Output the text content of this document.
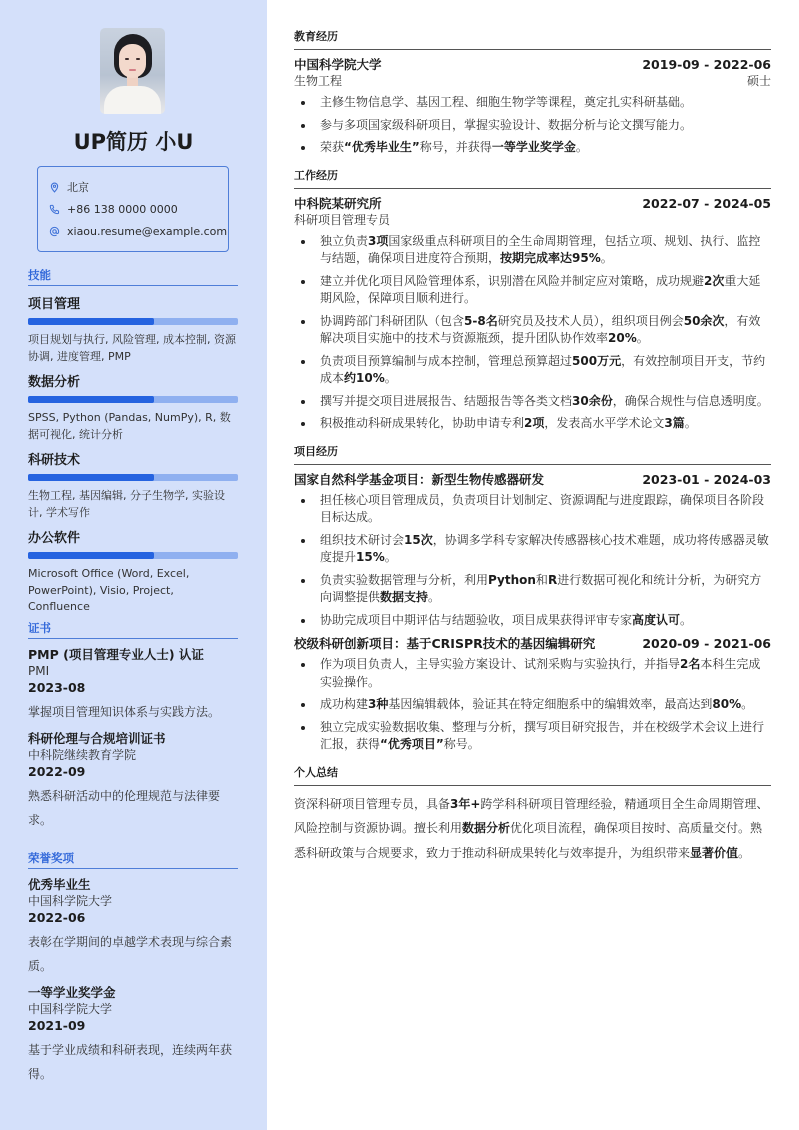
UP简历 小U
北京
+86 138 0000 0000
xiaou.resume@example.com
技能
项目管理
项目规划与执行, 风险管理, 成本控制, 资源协调, 进度管理, PMP
数据分析
SPSS, Python (Pandas, NumPy), R, 数据可视化, 统计分析
科研技术
生物工程, 基因编辑, 分子生物学, 实验设计, 学术写作
办公软件
Microsoft Office (Word, Excel, PowerPoint), Visio, Project, Confluence
证书
PMP (项目管理专业人士) 认证
PMI
2023-08
掌握项目管理知识体系与实践方法。
科研伦理与合规培训证书
中科院继续教育学院
2022-09
熟悉科研活动中的伦理规范与法律要求。
荣誉奖项
优秀毕业生
中国科学院大学
2022-06
表彰在学期间的卓越学术表现与综合素质。
一等学业奖学金
中国科学院大学
2021-09
基于学业成绩和科研表现，连续两年获得。
教育经历
中国科学院大学	2019-09 - 2022-06
生物工程	硕士
主修生物信息学、基因工程、细胞生物学等课程，奠定扎实科研基础。
参与多项国家级科研项目，掌握实验设计、数据分析与论文撰写能力。
荣获“优秀毕业生”称号，并获得一等学业奖学金。
工作经历
中科院某研究所	2022-07 - 2024-05
科研项目管理专员
独立负责3项国家级重点科研项目的全生命周期管理，包括立项、规划、执行、监控与结题，确保项目进度符合预期，按期完成率达95%。
建立并优化项目风险管理体系，识别潜在风险并制定应对策略，成功规避2次重大延期风险，保障项目顺利进行。
协调跨部门科研团队（包含5-8名研究员及技术人员），组织项目例会50余次，有效解决项目实施中的技术与资源瓶颈，提升团队协作效率20%。
负责项目预算编制与成本控制，管理总预算超过500万元，有效控制项目开支，节约成本约10%。
撰写并提交项目进展报告、结题报告等各类文档30余份，确保合规性与信息透明度。
积极推动科研成果转化，协助申请专利2项，发表高水平学术论文3篇。
项目经历
国家自然科学基金项目：新型生物传感器研发	2023-01 - 2024-03
担任核心项目管理成员，负责项目计划制定、资源调配与进度跟踪，确保项目各阶段目标达成。
组织技术研讨会15次，协调多学科专家解决传感器核心技术难题，成功将传感器灵敏度提升15%。
负责实验数据管理与分析，利用Python和R进行数据可视化和统计分析，为研究方向调整提供数据支持。
协助完成项目中期评估与结题验收，项目成果获得评审专家高度认可。
校级科研创新项目：基于CRISPR技术的基因编辑研究	2020-09 - 2021-06
作为项目负责人，主导实验方案设计、试剂采购与实验执行，并指导2名本科生完成实验操作。
成功构建3种基因编辑载体，验证其在特定细胞系中的编辑效率，最高达到80%。
独立完成实验数据收集、整理与分析，撰写项目研究报告，并在校级学术会议上进行汇报，获得“优秀项目”称号。
个人总结

资深科研项目管理专员，具备3年+跨学科科研项目管理经验，精通项目全生命周期管理、风险控制与资源协调。擅长利用数据分析优化项目流程，确保项目按时、高质量交付。熟悉科研政策与合规要求，致力于推动科研成果转化与效率提升，为组织带来显著价值。
